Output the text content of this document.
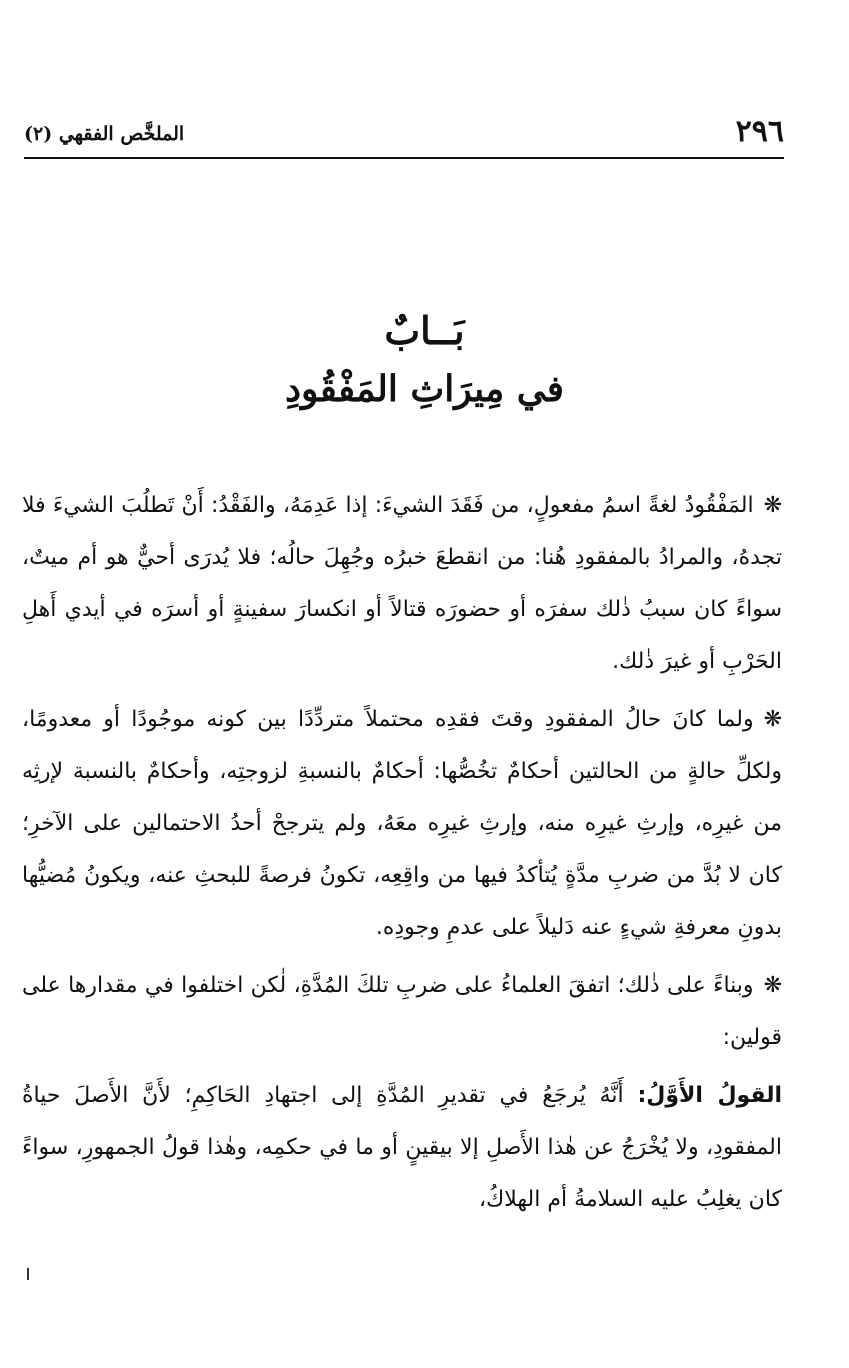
٢٩٦
الملخَّص الفقهي (٢)
بَــابٌ
في مِيرَاثِ المَفْقُودِ

❋المَفْقُودُ لغةً اسمُ مفعولٍ، من فَقَدَ الشيءَ: إذا عَدِمَهُ، والفَقْدُ: أَنْ تَطلُبَ الشيءَ فلا تجدهُ، والمرادُ بالمفقودِ هُنا: من انقطعَ خبرُه وجُهِلَ حالُه؛ فلا يُدرَى أحيٌّ هو أم ميتٌ، سواءً كان سببُ ذٰلك سفرَه أو حضورَه قتالاً أو انكسارَ سفينةٍ أو أسرَه في أيدي أَهلِ الحَرْبِ أو غيرَ ذٰلك.

❋ولما كانَ حالُ المفقودِ وقتَ فقدِه محتملاً متردِّدًا بين كونه موجُودًا أو معدومًا، ولكلِّ حالةٍ من الحالتين أحكامٌ تخُصُّها: أحكامٌ بالنسبةِ لزوجتِه، وأحكامٌ بالنسبة لإرثِه من غيرِه، وإرثِ غيرِه منه، وإرثِ غيرِه معَهُ، ولم يترجحْ أحدُ الاحتمالين على الآخرِ؛ كان لا بُدَّ من ضربِ مدَّةٍ يُتأكدُ فيها من واقِعِه، تكونُ فرصةً للبحثِ عنه، ويكونُ مُضيُّها بدونِ معرفةِ شيءٍ عنه دَليلاً على عدمِ وجودِه.

❋وبناءً على ذٰلك؛ اتفقَ العلماءُ على ضربِ تلكَ المُدَّةِ، لٰكن اختلفوا في مقدارها على قولين:

القولُ الأَوَّلُ: أَنَّهُ يُرجَعُ في تقديرِ المُدَّةِ إلى اجتهادِ الحَاكِمِ؛ لأَنَّ الأَصلَ حياةُ المفقودِ، ولا يُخْرَجُ عن هٰذا الأَصلِ إلا بيقينٍ أو ما في حكمِه، وهٰذا قولُ الجمهورِ، سواءً كان يغلِبُ عليه السلامةُ أم الهلاكُ،
